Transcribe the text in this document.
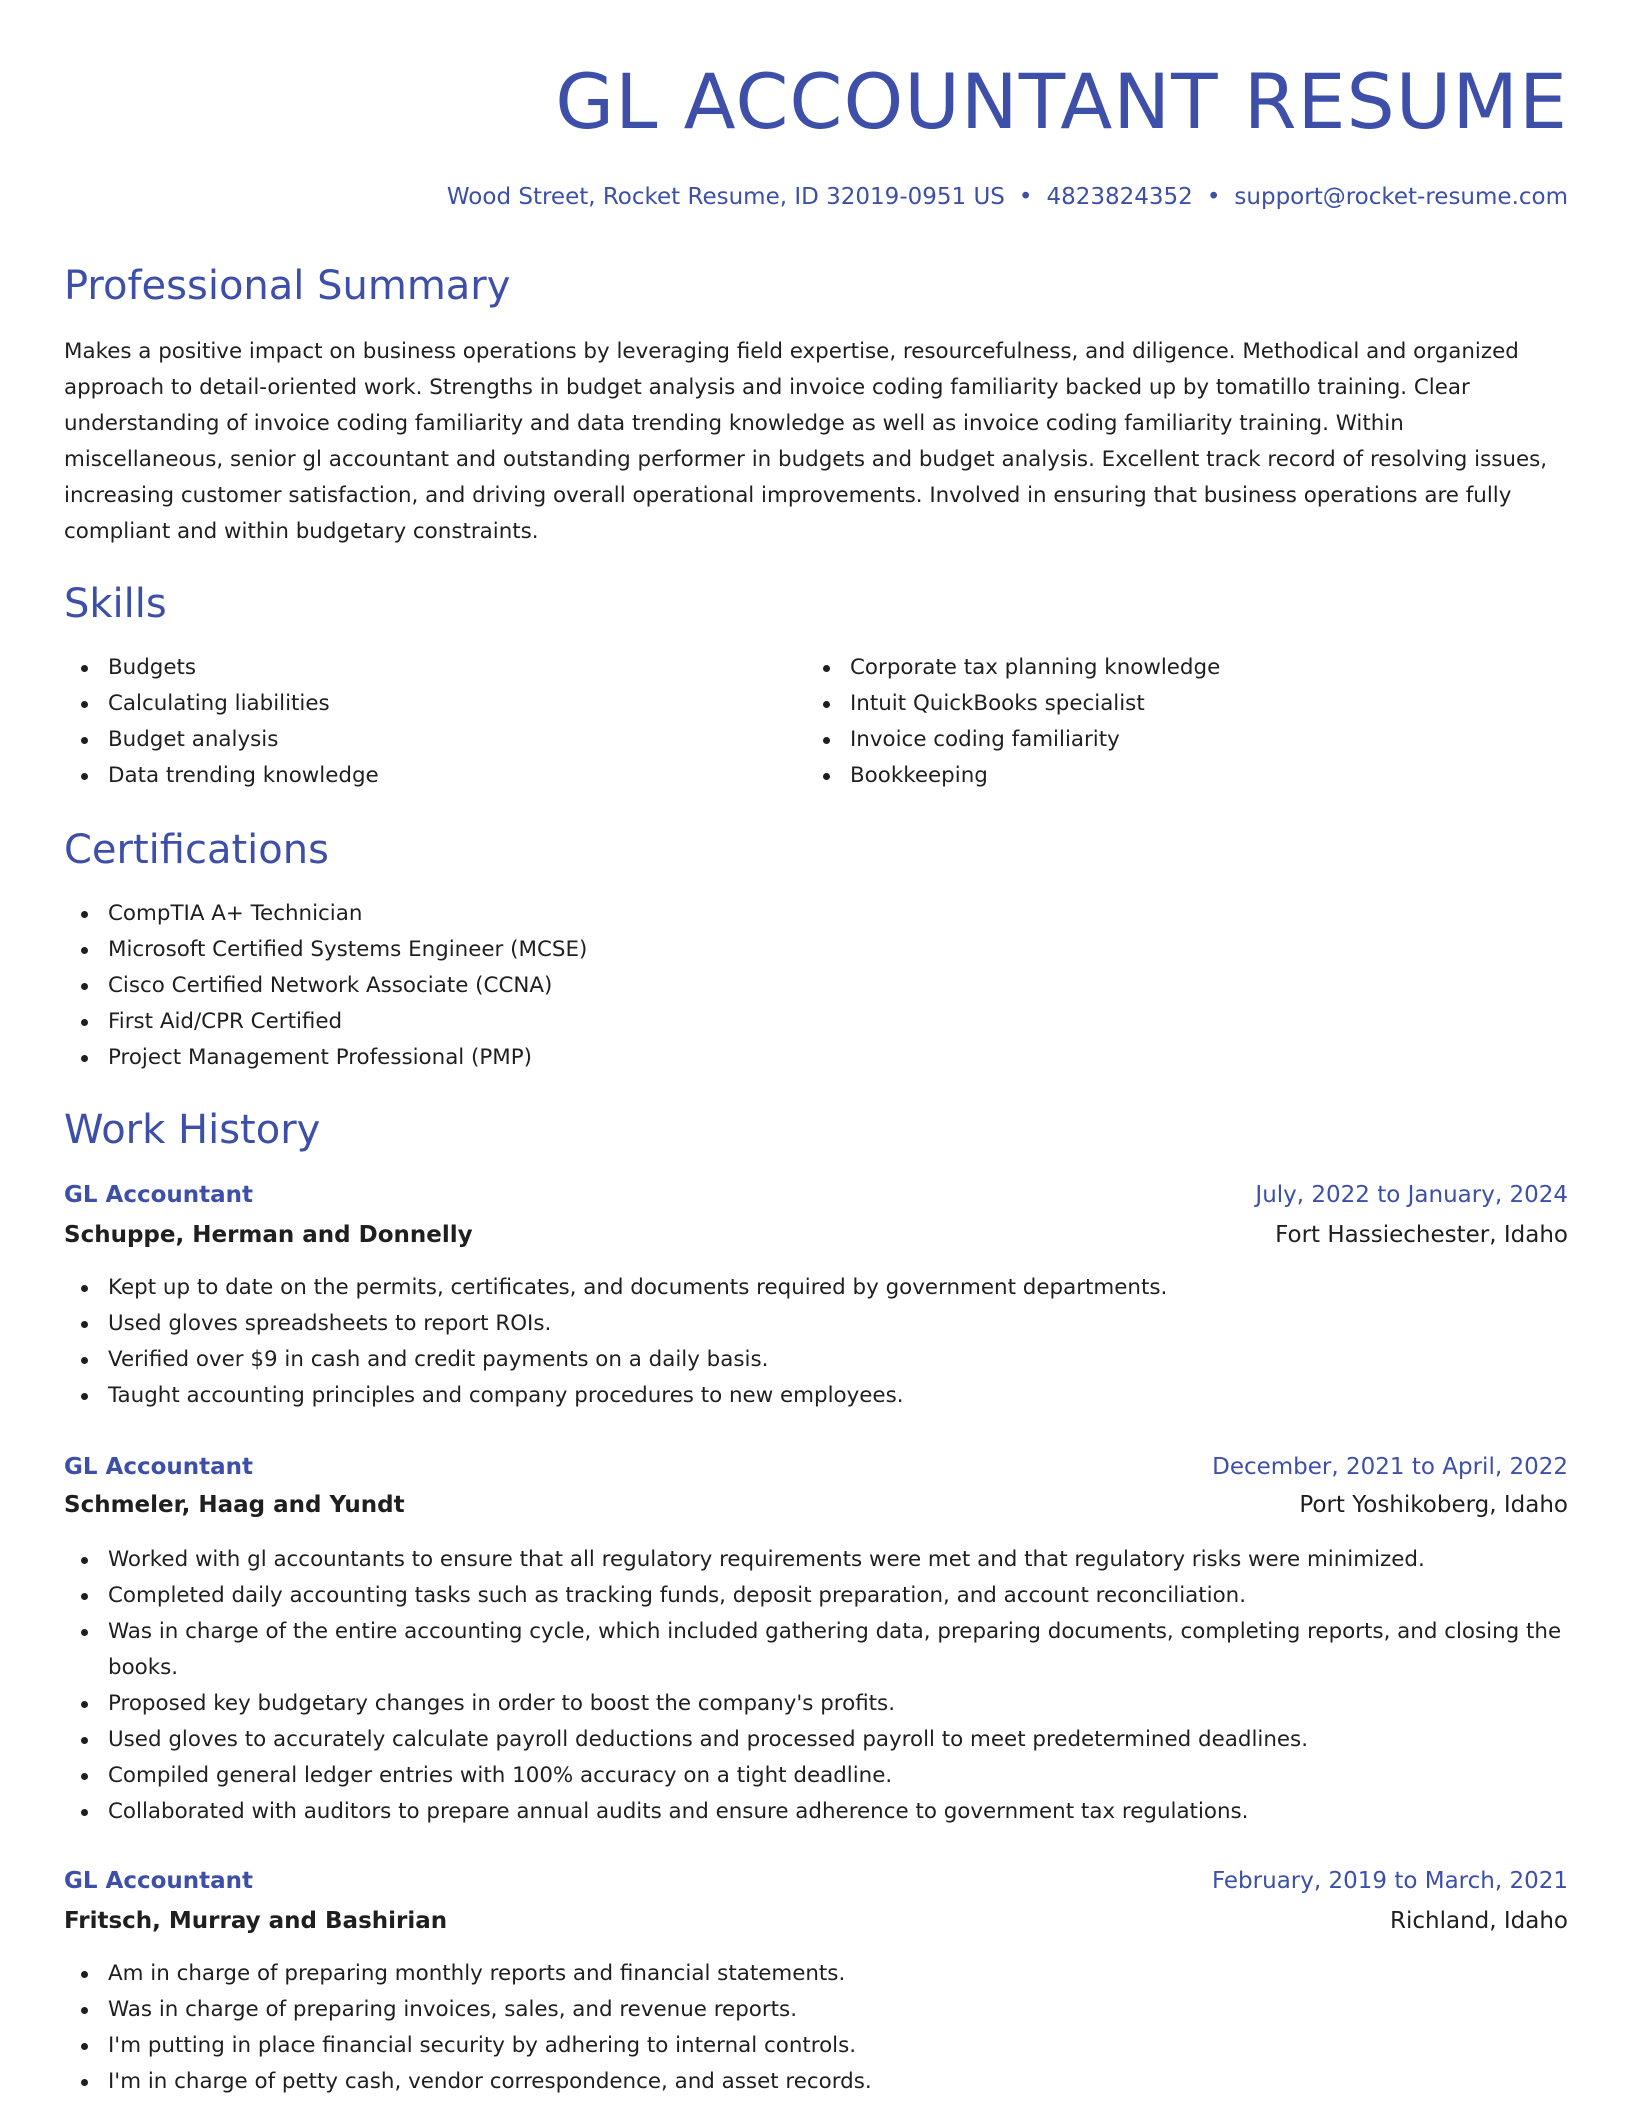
GL ACCOUNTANT RESUME
Wood Street, Rocket Resume, ID 32019-0951 US • 4823824352 • support@rocket-resume.com
Professional Summary

Makes a positive impact on business operations by leveraging field expertise, resourcefulness, and diligence. Methodical and organized approach to detail-oriented work. Strengths in budget analysis and invoice coding familiarity backed up by tomatillo training. Clear understanding of invoice coding familiarity and data trending knowledge as well as invoice coding familiarity training. Within miscellaneous, senior gl accountant and outstanding performer in budgets and budget analysis. Excellent track record of resolving issues, increasing customer satisfaction, and driving overall operational improvements. Involved in ensuring that business operations are fully compliant and within budgetary constraints.

Skills
Budgets
Calculating liabilities
Budget analysis
Data trending knowledge
Corporate tax planning knowledge
Intuit QuickBooks specialist
Invoice coding familiarity
Bookkeeping
Certifications
CompTIA A+ Technician
Microsoft Certified Systems Engineer (MCSE)
Cisco Certified Network Associate (CCNA)
First Aid/CPR Certified
Project Management Professional (PMP)
Work History
GL Accountant	July, 2022 to January, 2024
Schuppe, Herman and Donnelly	Fort Hassiechester, Idaho
Kept up to date on the permits, certificates, and documents required by government departments.
Used gloves spreadsheets to report ROIs.
Verified over $9 in cash and credit payments on a daily basis.
Taught accounting principles and company procedures to new employees.
GL Accountant	December, 2021 to April, 2022
Schmeler, Haag and Yundt	Port Yoshikoberg, Idaho
Worked with gl accountants to ensure that all regulatory requirements were met and that regulatory risks were minimized.
Completed daily accounting tasks such as tracking funds, deposit preparation, and account reconciliation.
Was in charge of the entire accounting cycle, which included gathering data, preparing documents, completing reports, and closing the books.
Proposed key budgetary changes in order to boost the company's profits.
Used gloves to accurately calculate payroll deductions and processed payroll to meet predetermined deadlines.
Compiled general ledger entries with 100% accuracy on a tight deadline.
Collaborated with auditors to prepare annual audits and ensure adherence to government tax regulations.
GL Accountant	February, 2019 to March, 2021
Fritsch, Murray and Bashirian	Richland, Idaho
Am in charge of preparing monthly reports and financial statements.
Was in charge of preparing invoices, sales, and revenue reports.
I'm putting in place financial security by adhering to internal controls.
I'm in charge of petty cash, vendor correspondence, and asset records.
